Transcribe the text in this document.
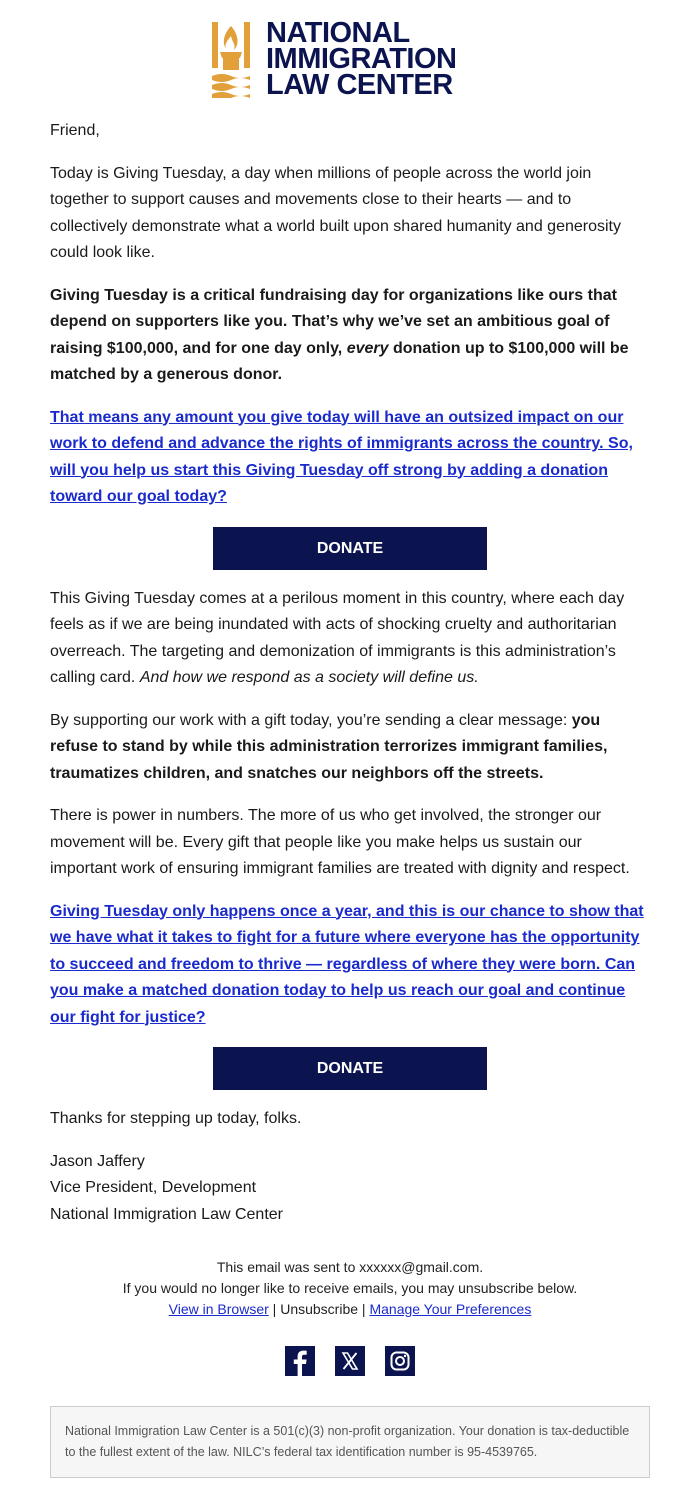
NATIONAL
IMMIGRATION
LAW CENTER

Friend,

Today is Giving Tuesday, a day when millions of people across the world join together to support causes and movements close to their hearts — and to collectively demonstrate what a world built upon shared humanity and generosity could look like.

Giving Tuesday is a critical fundraising day for organizations like ours that depend on supporters like you. That’s why we’ve set an ambitious goal of raising $100,000, and for one day only, every donation up to $100,000 will be matched by a generous donor.

That means any amount you give today will have an outsized impact on our work to defend and advance the rights of immigrants across the country. So, will you help us start this Giving Tuesday off strong by adding a donation toward our goal today?

DONATE

This Giving Tuesday comes at a perilous moment in this country, where each day feels as if we are being inundated with acts of shocking cruelty and authoritarian overreach. The targeting and demonization of immigrants is this administration’s calling card. And how we respond as a society will define us.

By supporting our work with a gift today, you’re sending a clear message: you refuse to stand by while this administration terrorizes immigrant families, traumatizes children, and snatches our neighbors off the streets.

There is power in numbers. The more of us who get involved, the stronger our movement will be. Every gift that people like you make helps us sustain our important work of ensuring immigrant families are treated with dignity and respect.

Giving Tuesday only happens once a year, and this is our chance to show that we have what it takes to fight for a future where everyone has the opportunity to succeed and freedom to thrive — regardless of where they were born. Can you make a matched donation today to help us reach our goal and continue our fight for justice?

DONATE

Thanks for stepping up today, folks.

Jason Jaffery

Vice President, Development

National Immigration Law Center

This email was sent to xxxxxx@gmail.com.
If you would no longer like to receive emails, you may unsubscribe below.
View in Browser | Unsubscribe | Manage Your Preferences
National Immigration Law Center is a 501(c)(3) non-profit organization. Your donation is tax-deductible to the fullest extent of the law. NILC’s federal tax identification number is 95-4539765.
